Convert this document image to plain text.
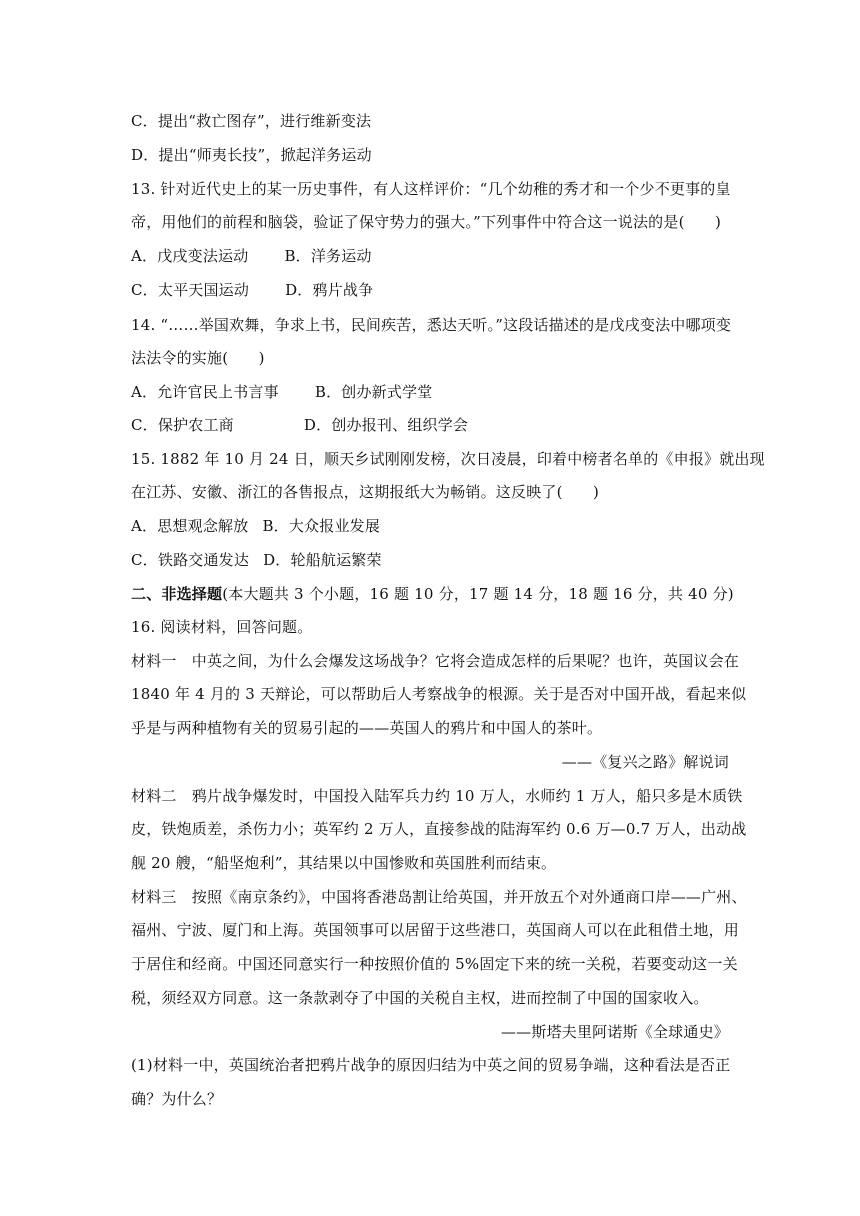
C．提出“救亡图存”，进行维新变法
D．提出“师夷长技”，掀起洋务运动
13. 针对近代史上的某一历史事件，有人这样评价：“几个幼稚的秀才和一个少不更事的皇
帝，用他们的前程和脑袋，验证了保守势力的强大。”下列事件中符合这一说法的是(　　)
A．戊戌变法运动 B．洋务运动
C．太平天国运动 D．鸦片战争
14. “……举国欢舞，争求上书，民间疾苦，悉达天听。”这段话描述的是戊戌变法中哪项变
法法令的实施(　　)
A．允许官民上书言事 B．创办新式学堂
C．保护农工商	D．创办报刊、组织学会
15. 1882 年 10 月 24 日，顺天乡试刚刚发榜，次日凌晨，印着中榜者名单的《申报》就出现
在江苏、安徽、浙江的各售报点，这期报纸大为畅销。这反映了(　　)
A．思想观念解放 B．大众报业发展
C．铁路交通发达 D．轮船航运繁荣
二、非选择题(本大题共 3 个小题，16 题 10 分，17 题 14 分，18 题 16 分，共 40 分)
16. 阅读材料，回答问题。
材料一　中英之间，为什么会爆发这场战争？它将会造成怎样的后果呢？也许，英国议会在
1840 年 4 月的 3 天辩论，可以帮助后人考察战争的根源。关于是否对中国开战，看起来似
乎是与两种植物有关的贸易引起的——英国人的鸦片和中国人的茶叶。
——《复兴之路》解说词
材料二　鸦片战争爆发时，中国投入陆军兵力约 10 万人，水师约 1 万人，船只多是木质铁
皮，铁炮质差，杀伤力小；英军约 2 万人，直接参战的陆海军约 0.6 万—0.7 万人，出动战
舰 20 艘，“船坚炮利”，其结果以中国惨败和英国胜利而结束。
材料三　按照《南京条约》，中国将香港岛割让给英国，并开放五个对外通商口岸——广州、
福州、宁波、厦门和上海。英国领事可以居留于这些港口，英国商人可以在此租借土地，用
于居住和经商。中国还同意实行一种按照价值的 5%固定下来的统一关税，若要变动这一关
税，须经双方同意。这一条款剥夺了中国的关税自主权，进而控制了中国的国家收入。
——斯塔夫里阿诺斯《全球通史》
(1)材料一中，英国统治者把鸦片战争的原因归结为中英之间的贸易争端，这种看法是否正
确？为什么？
